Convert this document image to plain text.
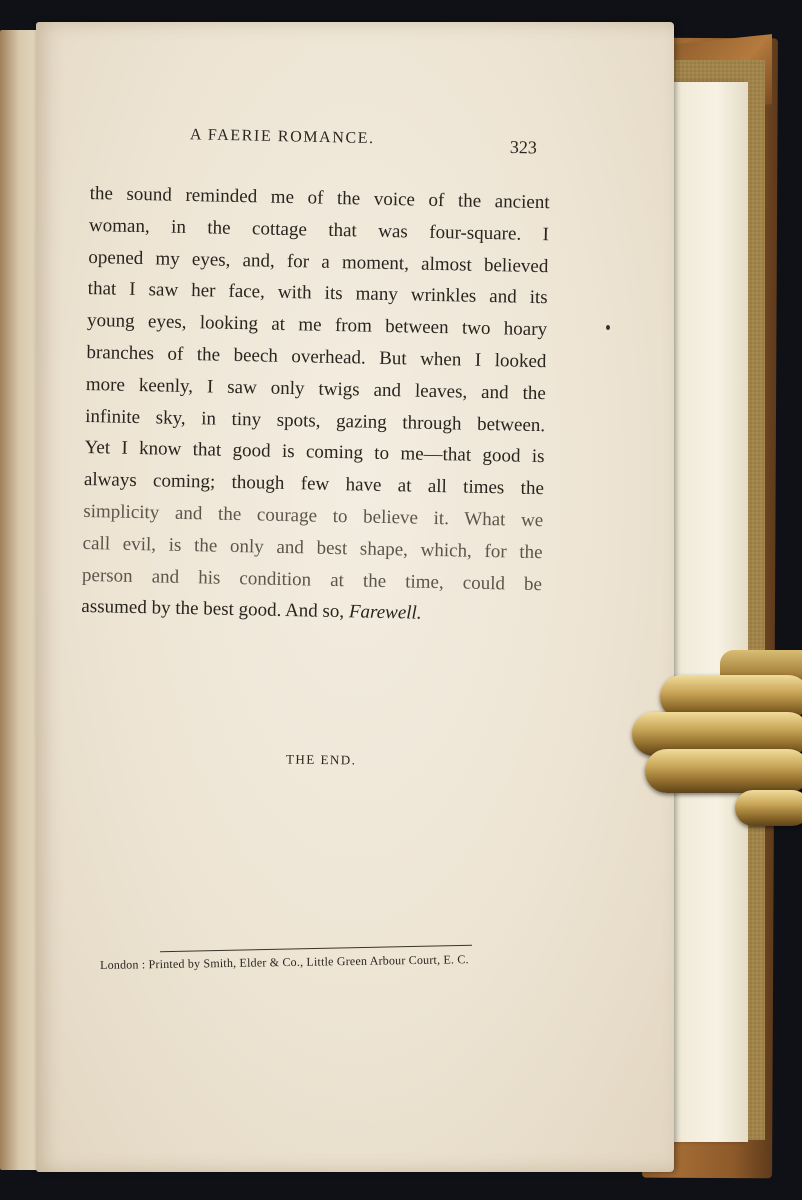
A FAERIE ROMANCE.
323
the sound reminded me of the voice of the ancient
woman, in the cottage that was four-square. I
opened my eyes, and, for a moment, almost believed
that I saw her face, with its many wrinkles and its
young eyes, looking at me from between two hoary
branches of the beech overhead. But when I looked
more keenly, I saw only twigs and leaves, and the
infinite sky, in tiny spots, gazing through between.
Yet I know that good is coming to me—that good is
always coming; though few have at all times the
simplicity and the courage to believe it. What we
call evil, is the only and best shape, which, for the
person and his condition at the time, could be
assumed by the best good. And so, Farewell.
THE END.
London : Printed by Smith, Elder & Co., Little Green Arbour Court, E. C.
